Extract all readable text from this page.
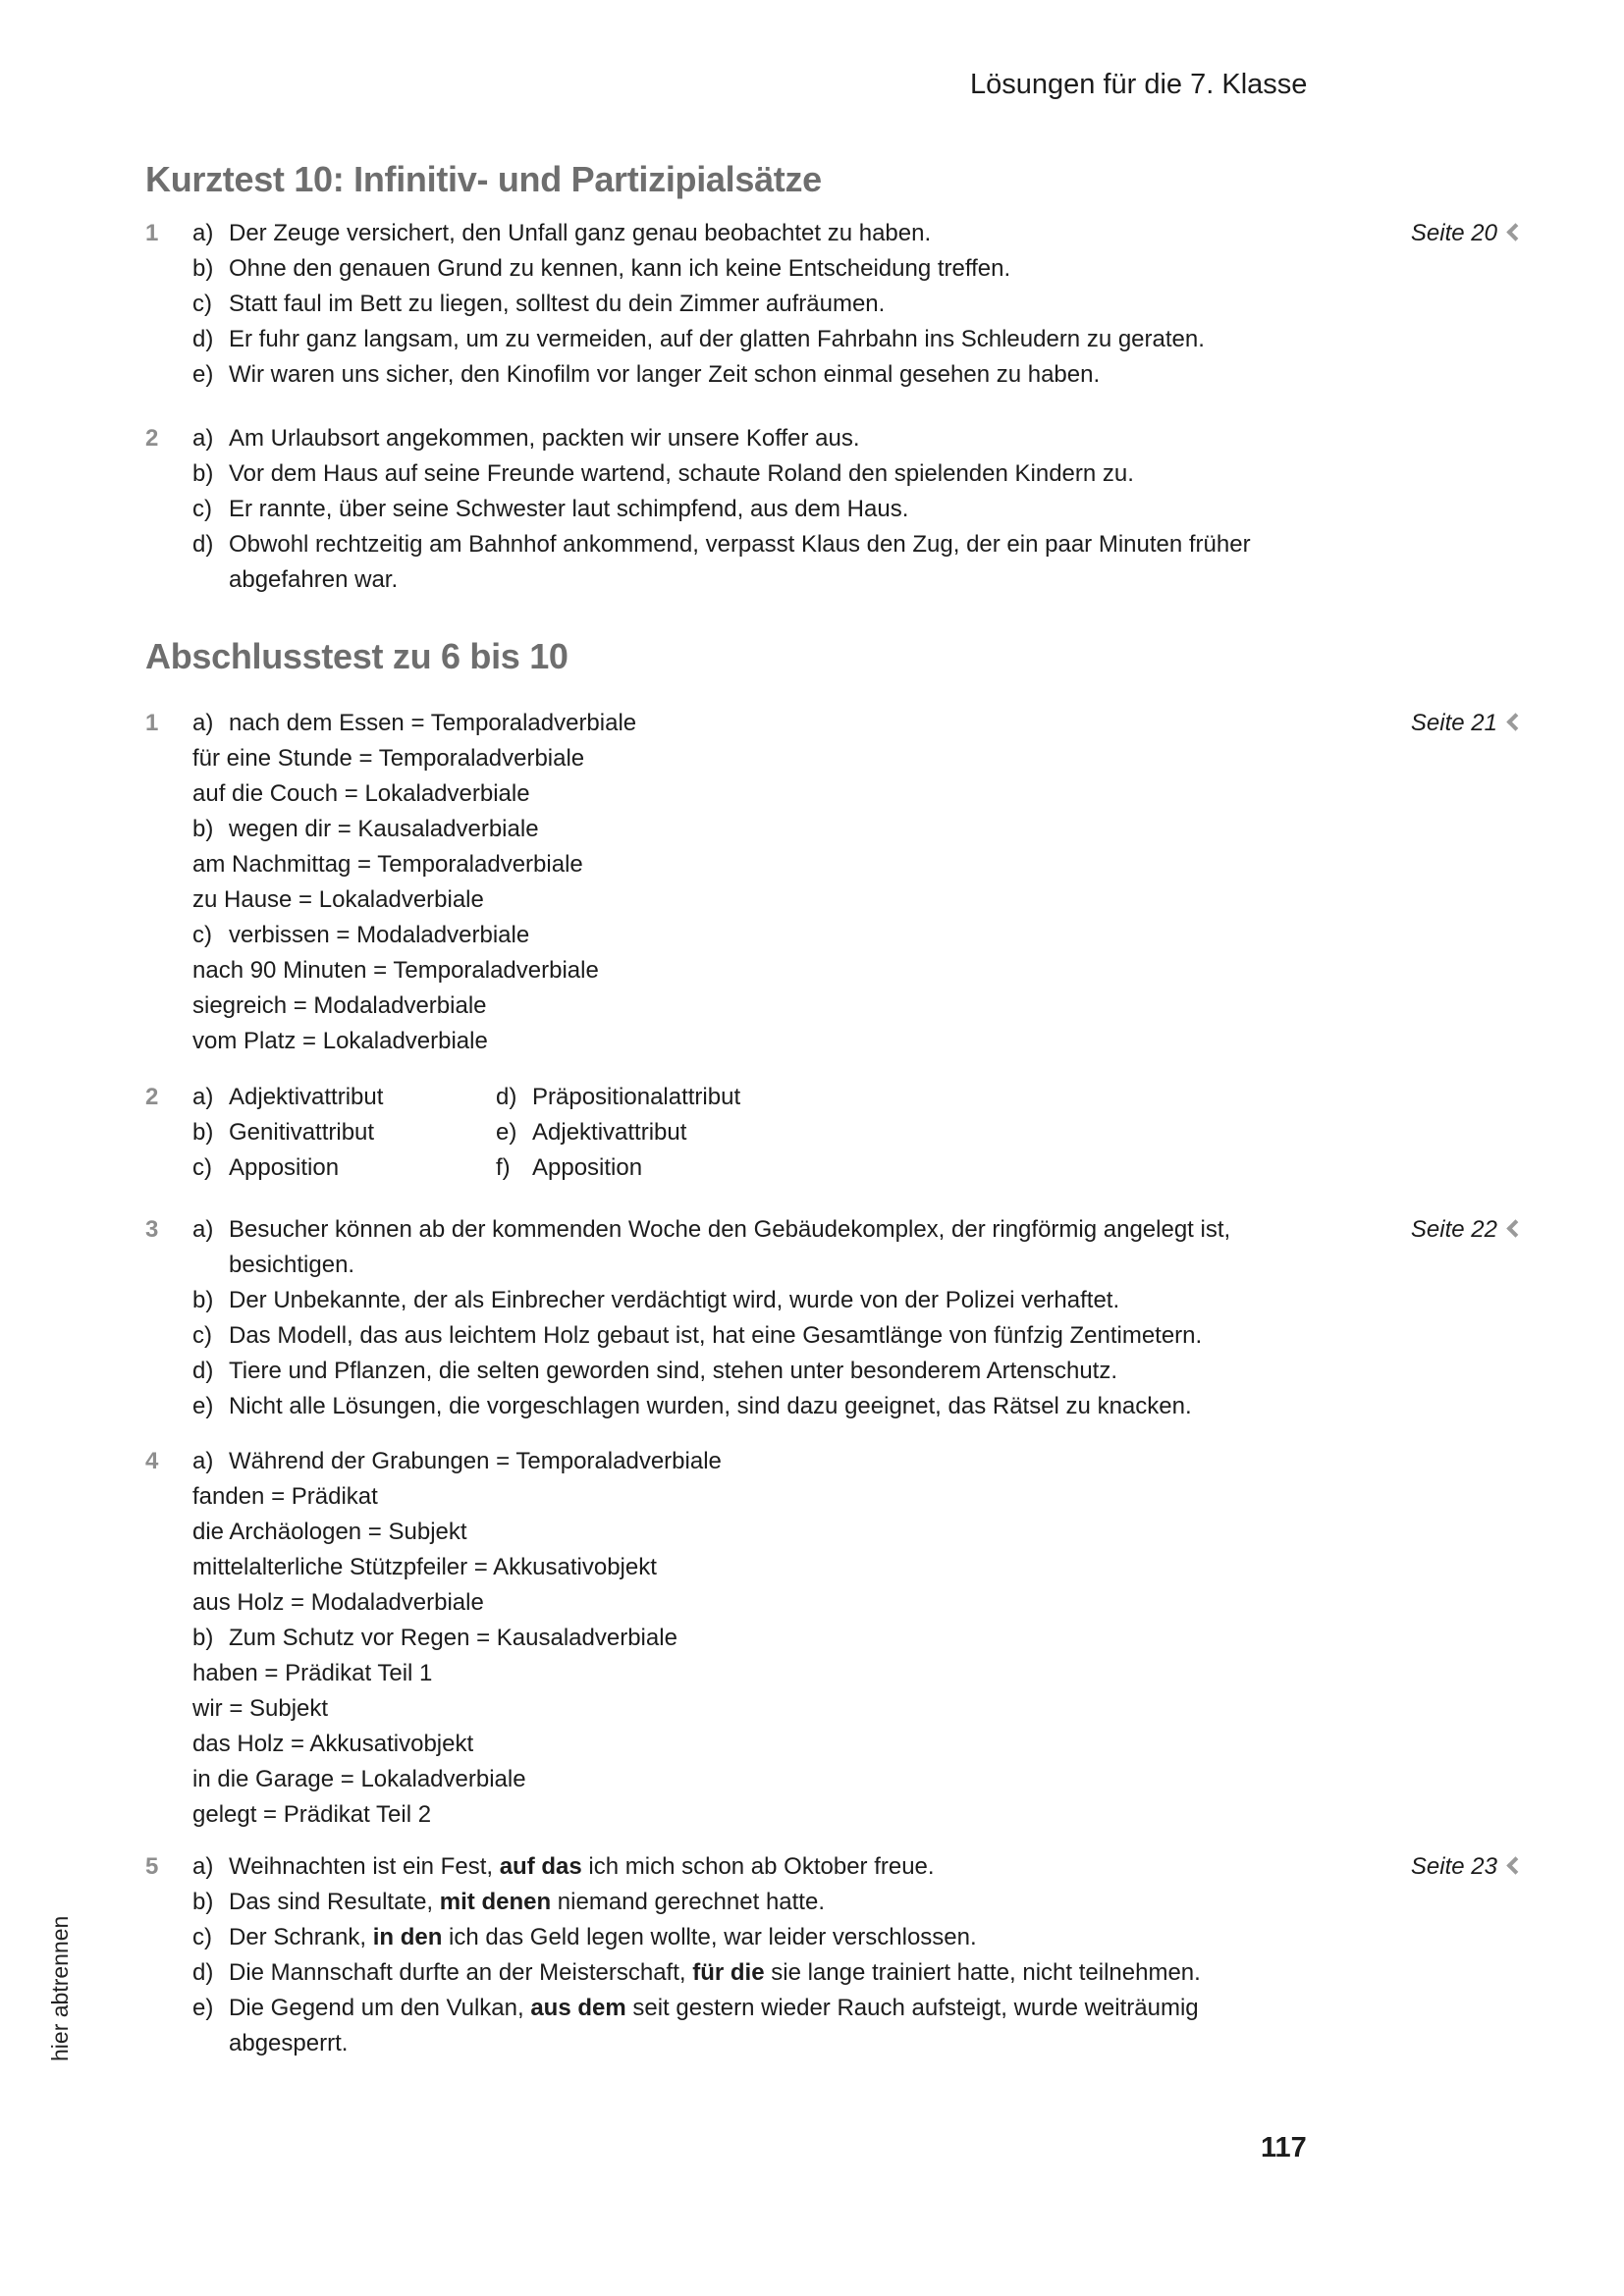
Lösungen für die 7. Klasse
Kurztest 10: Infinitiv- und Partizipialsätze
1	a) Der Zeuge versichert, den Unfall ganz genau beobachtet zu haben.
b) Ohne den genauen Grund zu kennen, kann ich keine Entscheidung treffen.
c) Statt faul im Bett zu liegen, solltest du dein Zimmer aufräumen.
d) Er fuhr ganz langsam, um zu vermeiden, auf der glatten Fahrbahn ins Schleudern zu geraten.
e) Wir waren uns sicher, den Kinofilm vor langer Zeit schon einmal gesehen zu haben.
Seite 20
2	a) Am Urlaubsort angekommen, packten wir unsere Koffer aus.
b) Vor dem Haus auf seine Freunde wartend, schaute Roland den spielenden Kindern zu.
c) Er rannte, über seine Schwester laut schimpfend, aus dem Haus.
d) Obwohl rechtzeitig am Bahnhof ankommend, verpasst Klaus den Zug, der ein paar Minuten früher
abgefahren war.
Abschlusstest zu 6 bis 10
1	a) nach dem Essen = Temporaladverbiale
für eine Stunde = Temporaladverbiale
auf die Couch = Lokaladverbiale
b) wegen dir = Kausaladverbiale
am Nachmittag = Temporaladverbiale
zu Hause = Lokaladverbiale
c) verbissen = Modaladverbiale
nach 90 Minuten = Temporaladverbiale
siegreich = Modaladverbiale
vom Platz = Lokaladverbiale
Seite 21
2	a) Adjektivattribut	d) Präpositionalattribut
b) Genitivattribut	e) Adjektivattribut
c) Apposition	f) Apposition
3	a) Besucher können ab der kommenden Woche den Gebäudekomplex, der ringförmig angelegt ist,
besichtigen.
b) Der Unbekannte, der als Einbrecher verdächtigt wird, wurde von der Polizei verhaftet.
c) Das Modell, das aus leichtem Holz gebaut ist, hat eine Gesamtlänge von fünfzig Zentimetern.
d) Tiere und Pflanzen, die selten geworden sind, stehen unter besonderem Artenschutz.
e) Nicht alle Lösungen, die vorgeschlagen wurden, sind dazu geeignet, das Rätsel zu knacken.
Seite 22
4	a) Während der Grabungen = Temporaladverbiale
fanden = Prädikat
die Archäologen = Subjekt
mittelalterliche Stützpfeiler = Akkusativobjekt
aus Holz = Modaladverbiale
b) Zum Schutz vor Regen = Kausaladverbiale
haben = Prädikat Teil 1
wir = Subjekt
das Holz = Akkusativobjekt
in die Garage = Lokaladverbiale
gelegt = Prädikat Teil 2
5	a) Weihnachten ist ein Fest, auf das ich mich schon ab Oktober freue.
b) Das sind Resultate, mit denen niemand gerechnet hatte.
c) Der Schrank, in den ich das Geld legen wollte, war leider verschlossen.
d) Die Mannschaft durfte an der Meisterschaft, für die sie lange trainiert hatte, nicht teilnehmen.
e) Die Gegend um den Vulkan, aus dem seit gestern wieder Rauch aufsteigt, wurde weiträumig
abgesperrt.
Seite 23
hier abtrennen
117
